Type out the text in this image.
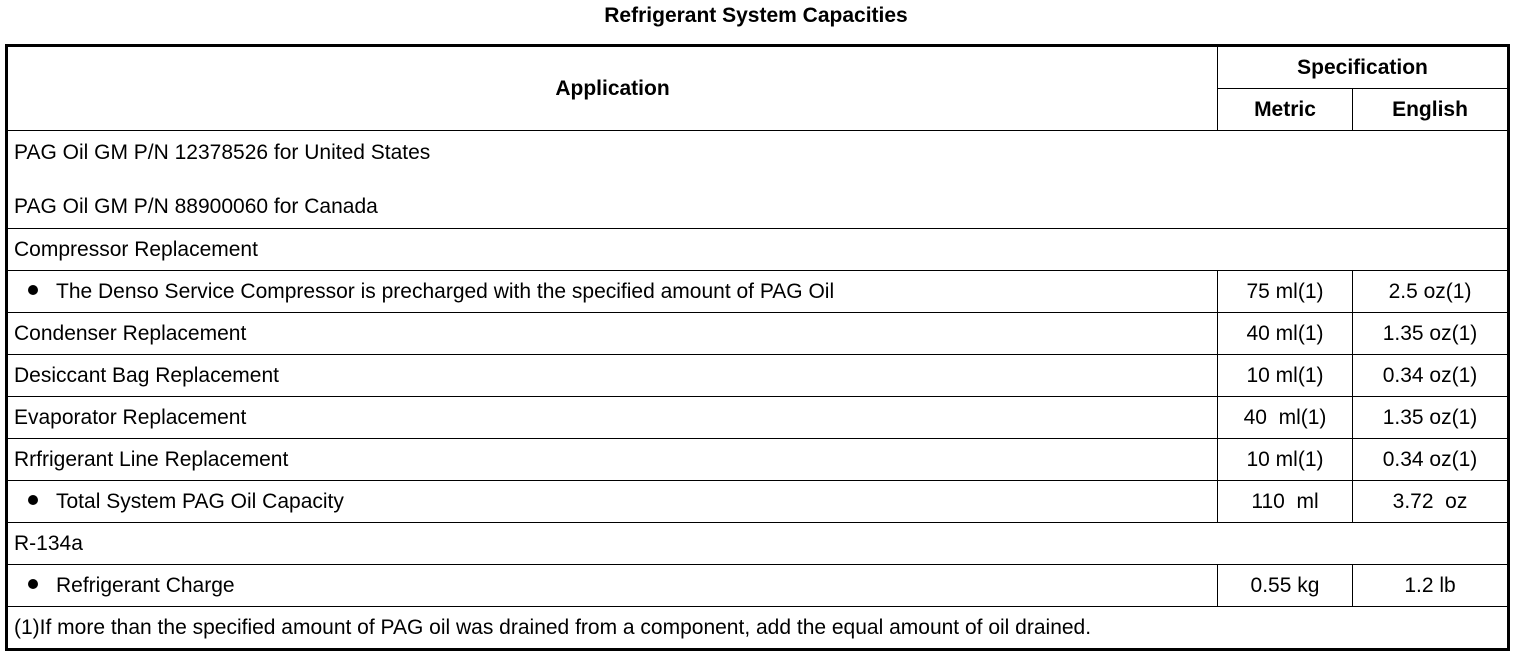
Refrigerant System Capacities
Application	Specification	
	Metric	English

PAG Oil GM P/N 12378526 for United States
PAG Oil GM P/N 88900060 for Canada		

Compressor Replacement		
The Denso Service Compressor is precharged with the specified amount of PAG Oil	75 ml(1)	2.5 oz(1)
Condenser Replacement	40 ml(1)	1.35 oz(1)
Desiccant Bag Replacement	10 ml(1)	0.34 oz(1)
Evaporator Replacement	40  ml(1)	1.35 oz(1)
Rrfrigerant Line Replacement	10 ml(1)	0.34 oz(1)
Total System PAG Oil Capacity	110  ml	3.72  oz
R-134a		
Refrigerant Charge	0.55 kg	1.2 lb
(1)If more than the specified amount of PAG oil was drained from a component, add the equal amount of oil drained.		
